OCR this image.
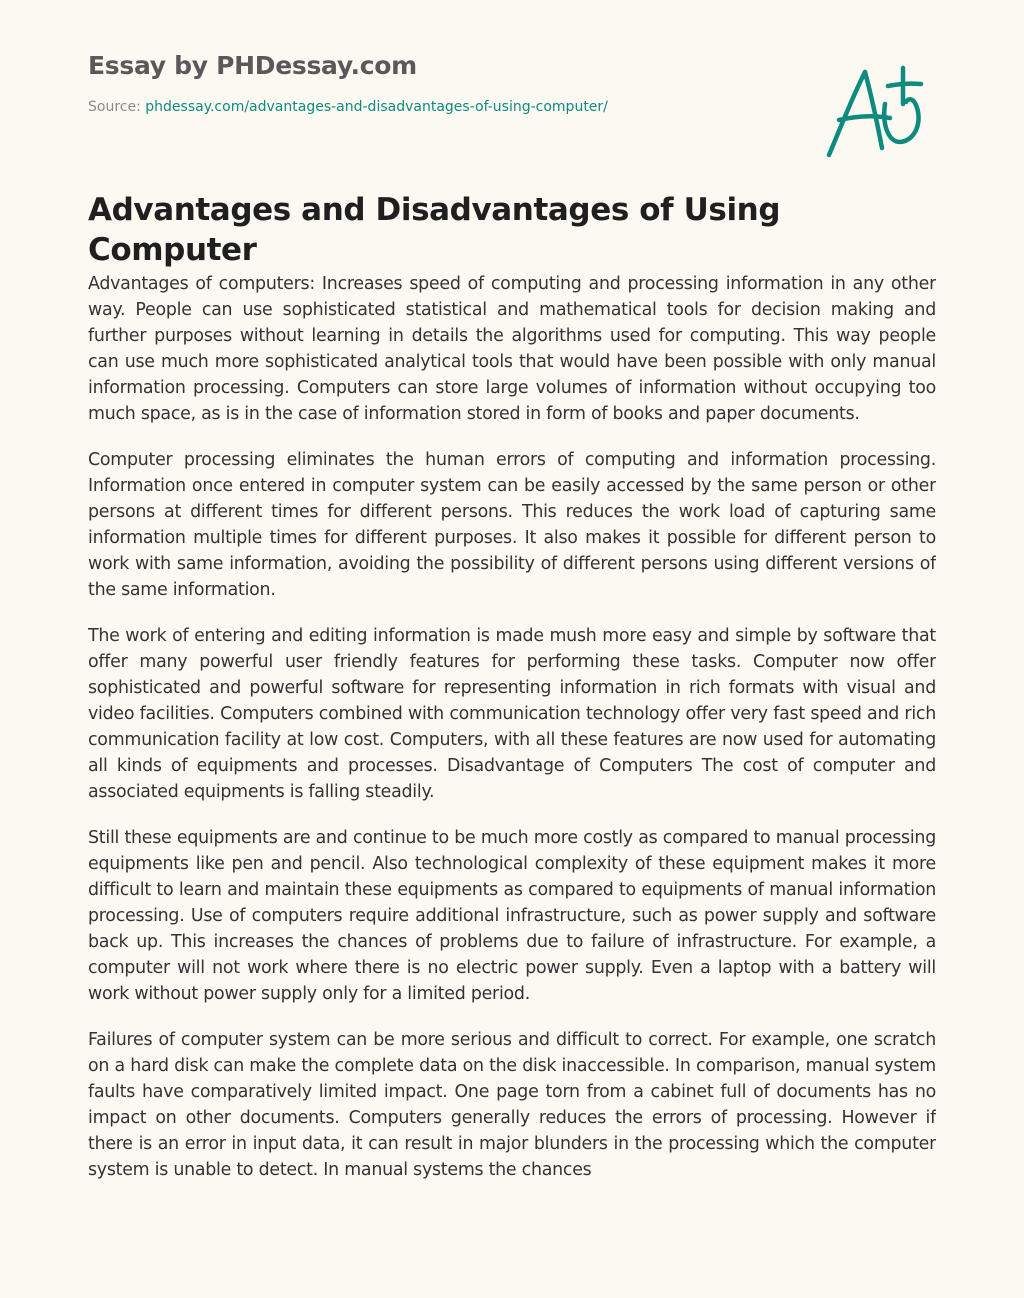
Essay by PHDessay.com
Source: phdessay.com/advantages-and-disadvantages-of-using-computer/
Advantages and Disadvantages of Using Computer

Advantages of computers: Increases speed of computing and processing information in any other way. People can use sophisticated statistical and mathematical tools for decision making and further purposes without learning in details the algorithms used for computing. This way people can use much more sophisticated analytical tools that would have been possible with only manual information processing. Computers can store large volumes of information without occupying too much space, as is in the case of information stored in form of books and paper documents.

Computer processing eliminates the human errors of computing and information processing. Information once entered in computer system can be easily accessed by the same person or other persons at different times for different persons. This reduces the work load of capturing same information multiple times for different purposes. It also makes it possible for different person to work with same information, avoiding the possibility of different persons using different versions of the same information.

The work of entering and editing information is made mush more easy and simple by software that offer many powerful user friendly features for performing these tasks. Computer now offer sophisticated and powerful software for representing information in rich formats with visual and video facilities. Computers combined with communication technology offer very fast speed and rich communication facility at low cost. Computers, with all these features are now used for automating all kinds of equipments and processes. Disadvantage of Computers The cost of computer and associated equipments is falling steadily.

Still these equipments are and continue to be much more costly as compared to manual processing equipments like pen and pencil. Also technological complexity of these equipment makes it more difficult to learn and maintain these equipments as compared to equipments of manual information processing. Use of computers require additional infrastructure, such as power supply and software back up. This increases the chances of problems due to failure of infrastructure. For example, a computer will not work where there is no electric power supply. Even a laptop with a battery will work without power supply only for a limited period.

Failures of computer system can be more serious and difficult to correct. For example, one scratch on a hard disk can make the complete data on the disk inaccessible. In comparison, manual system faults have comparatively limited impact. One page torn from a cabinet full of documents has no impact on other documents. Computers generally reduces the errors of processing. However if there is an error in input data, it can result in major blunders in the processing which the computer system is unable to detect. In manual systems the chances
